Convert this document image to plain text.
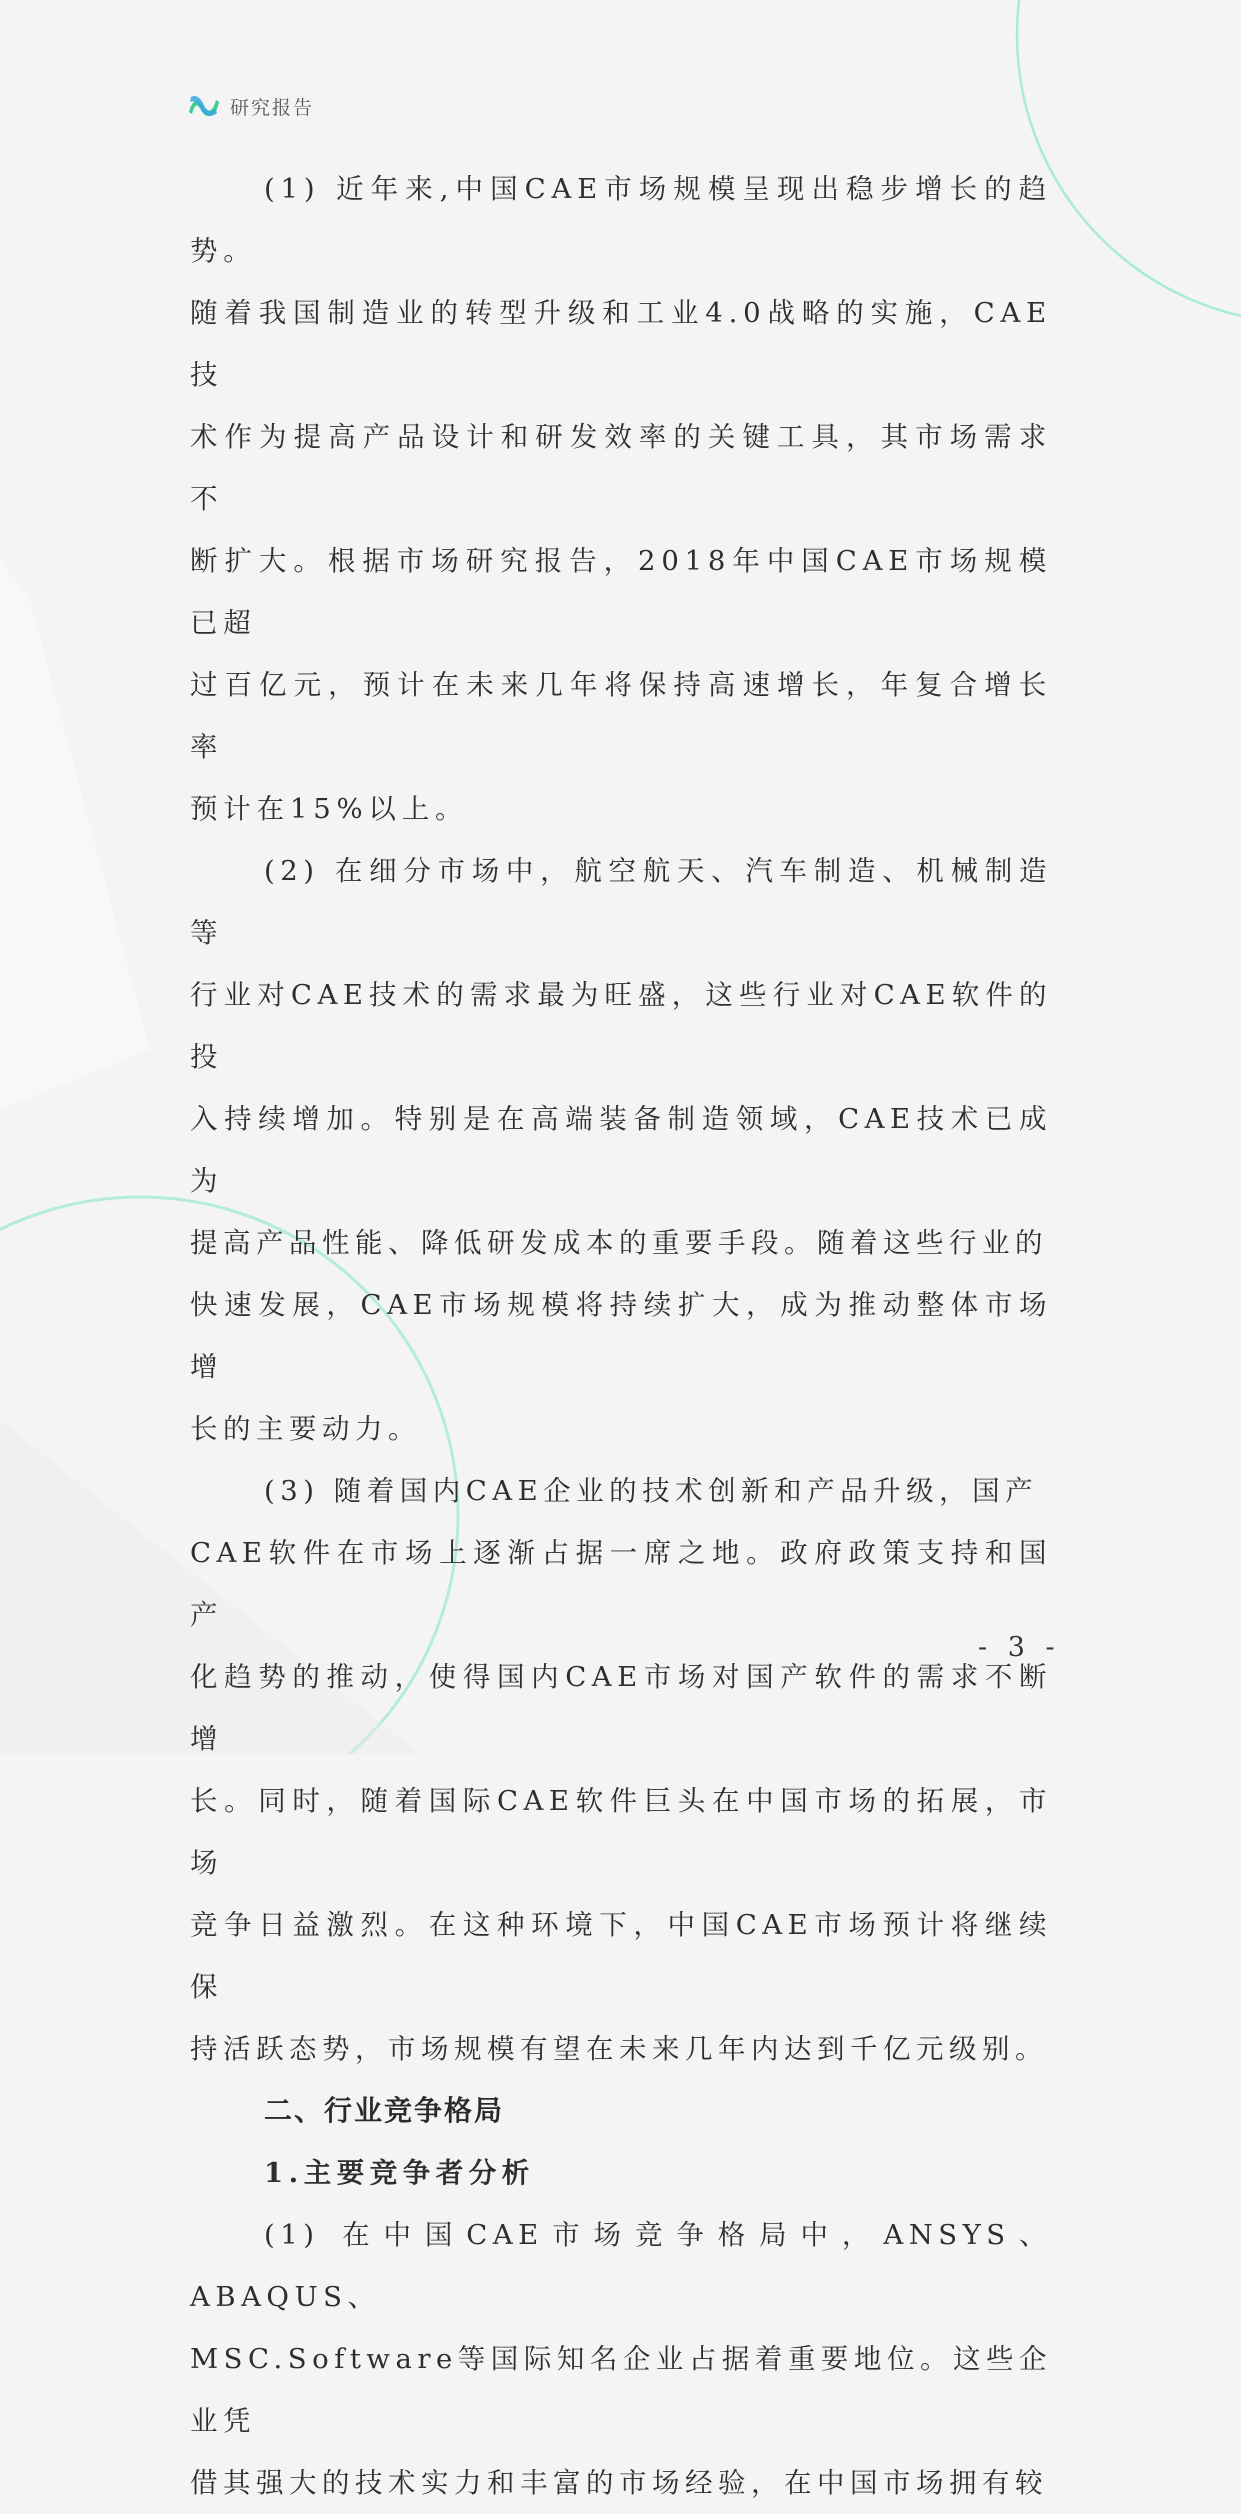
研究报告

(1) 近年来,中国CAE市场规模呈现出稳步增长的趋势。
随着我国制造业的转型升级和工业4.0战略的实施，CAE技
术作为提高产品设计和研发效率的关键工具，其市场需求不
断扩大。根据市场研究报告，2018年中国CAE市场规模已超
过百亿元，预计在未来几年将保持高速增长，年复合增长率
预计在15%以上。

(2) 在细分市场中，航空航天、汽车制造、机械制造等
行业对CAE技术的需求最为旺盛，这些行业对CAE软件的投
入持续增加。特别是在高端装备制造领域，CAE技术已成为
提高产品性能、降低研发成本的重要手段。随着这些行业的
快速发展，CAE市场规模将持续扩大，成为推动整体市场增
长的主要动力。

(3) 随着国内CAE企业的技术创新和产品升级，国产
CAE软件在市场上逐渐占据一席之地。政府政策支持和国产
化趋势的推动，使得国内CAE市场对国产软件的需求不断增
长。同时，随着国际CAE软件巨头在中国市场的拓展，市场
竞争日益激烈。在这种环境下，中国CAE市场预计将继续保
持活跃态势，市场规模有望在未来几年内达到千亿元级别。

二、行业竞争格局
1.主要竞争者分析

(1) 在中国CAE市场竞争格局中，ANSYS、ABAQUS、
MSC.Software等国际知名企业占据着重要地位。这些企业凭
借其强大的技术实力和丰富的市场经验，在中国市场拥有较

- 3 -
